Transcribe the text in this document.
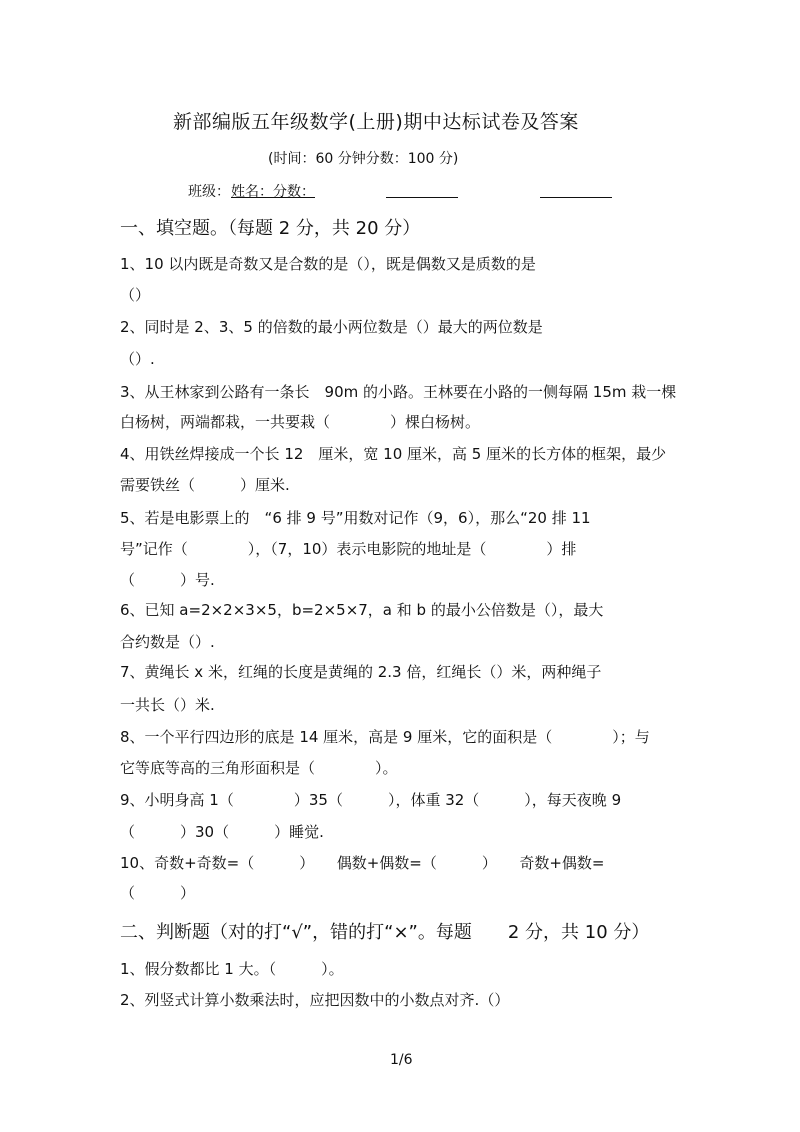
新部编版五年级数学(上册)期中达标试卷及答案
(时间：60 分钟分数：100 分)
班级： 姓名：分数：
一、填空题。（每题 2 分，共 20 分）
1、10 以内既是奇数又是合数的是（），既是偶数又是质数的是
（）
2、同时是 2、3、5 的倍数的最小两位数是（）最大的两位数是
（）.
3、从王林家到公路有一条长　90m 的小路。王林要在小路的一侧每隔 15m 栽一棵
白杨树，两端都栽，一共要栽（　　　　）棵白杨树。
4、用铁丝焊接成一个长 12　厘米，宽 10 厘米，高 5 厘米的长方体的框架，最少
需要铁丝（　　　）厘米.
5、若是电影票上的　“6 排 9 号”用数对记作（9，6），那么“20 排 11
号”记作（　　　　），（7，10）表示电影院的地址是（　　　　）排
（　　　）号.
6、已知 a=2×2×3×5，b=2×5×7，a 和 b 的最小公倍数是（），最大
合约数是（）.
7、黄绳长 x 米，红绳的长度是黄绳的 2.3 倍，红绳长（）米，两种绳子
一共长（）米.
8、一个平行四边形的底是 14 厘米，高是 9 厘米，它的面积是（　　　　）；与
它等底等高的三角形面积是（　　　　）。
9、小明身高 1（　　　　）35（　　　），体重 32（　　　），每天夜晚 9
（　　　）30（　　　）睡觉.
10、奇数+奇数=（　　　）　　偶数+偶数=（　　　）　　奇数+偶数=
（　　　）
二、判断题（对的打“√”，错的打“×”。每题　　2 分，共 10 分）
1、假分数都比 1 大。（　　　）。
2、列竖式计算小数乘法时，应把因数中的小数点对齐.（）
1/6
